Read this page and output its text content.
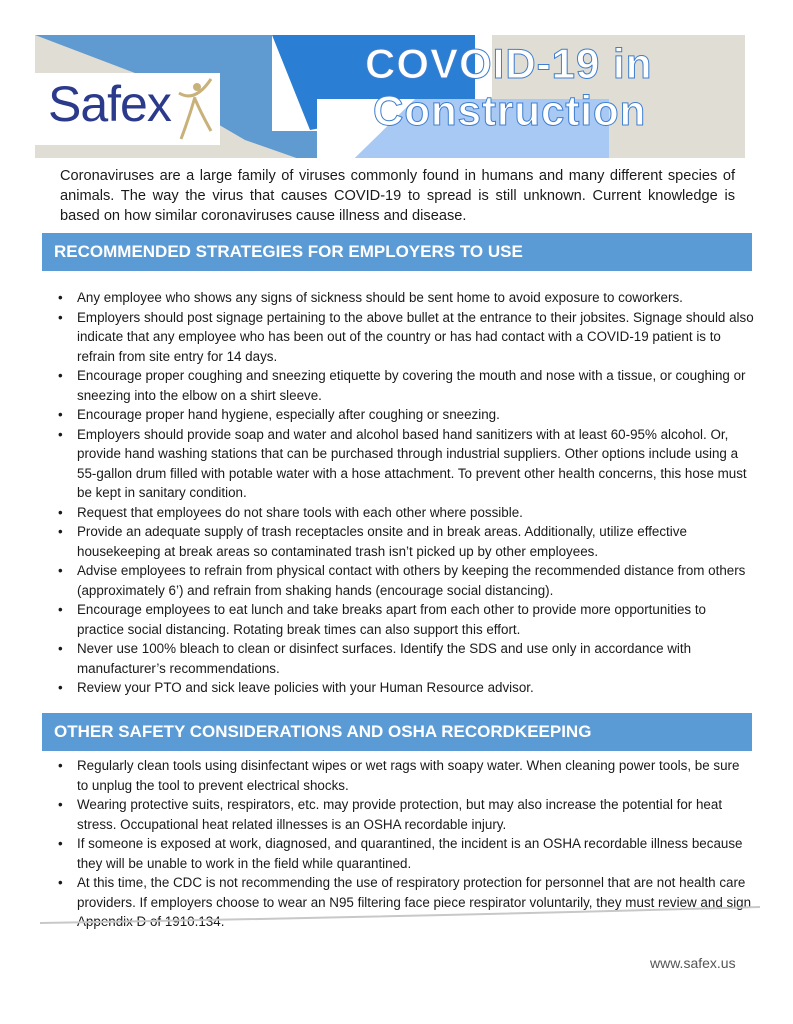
Safex
COVOID-19 in
Construction
Coronaviruses are a large family of viruses commonly found in humans and many different species of animals. The way the virus that causes COVID-19 to spread is still unknown. Current knowledge is based on how similar coronaviruses cause illness and disease.
RECOMMENDED STRATEGIES FOR EMPLOYERS TO USE
• Any employee who shows any signs of sickness should be sent home to avoid exposure to coworkers.
• Employers should post signage pertaining to the above bullet at the entrance to their jobsites. Signage should also indicate that any employee who has been out of the country or has had contact with a COVID-19 patient is to refrain from site entry for 14 days.
• Encourage proper coughing and sneezing etiquette by covering the mouth and nose with a tissue, or coughing or sneezing into the elbow on a shirt sleeve.
• Encourage proper hand hygiene, especially after coughing or sneezing.
• Employers should provide soap and water and alcohol based hand sanitizers with at least 60-95% alcohol. Or, provide hand washing stations that can be purchased through industrial suppliers. Other options include using a 55-gallon drum filled with potable water with a hose attachment. To prevent other health concerns, this hose must be kept in sanitary condition.
• Request that employees do not share tools with each other where possible.
• Provide an adequate supply of trash receptacles onsite and in break areas. Additionally, utilize effective housekeeping at break areas so contaminated trash isn’t picked up by other employees.
• Advise employees to refrain from physical contact with others by keeping the recommended distance from others (approximately 6’) and refrain from shaking hands (encourage social distancing).
• Encourage employees to eat lunch and take breaks apart from each other to provide more opportunities to practice social distancing. Rotating break times can also support this effort.
• Never use 100% bleach to clean or disinfect surfaces. Identify the SDS and use only in accordance with manufacturer’s recommendations.
• Review your PTO and sick leave policies with your Human Resource advisor.
OTHER SAFETY CONSIDERATIONS AND OSHA RECORDKEEPING
• Regularly clean tools using disinfectant wipes or wet rags with soapy water. When cleaning power tools, be sure to unplug the tool to prevent electrical shocks.
• Wearing protective suits, respirators, etc. may provide protection, but may also increase the potential for heat stress. Occupational heat related illnesses is an OSHA recordable injury.
• If someone is exposed at work, diagnosed, and quarantined, the incident is an OSHA recordable illness because they will be unable to work in the field while quarantined.
• At this time, the CDC is not recommending the use of respiratory protection for personnel that are not health care providers. If employers choose to wear an N95 filtering face piece respirator voluntarily, they must review and sign Appendix D of 1910.134.
www.safex.us
